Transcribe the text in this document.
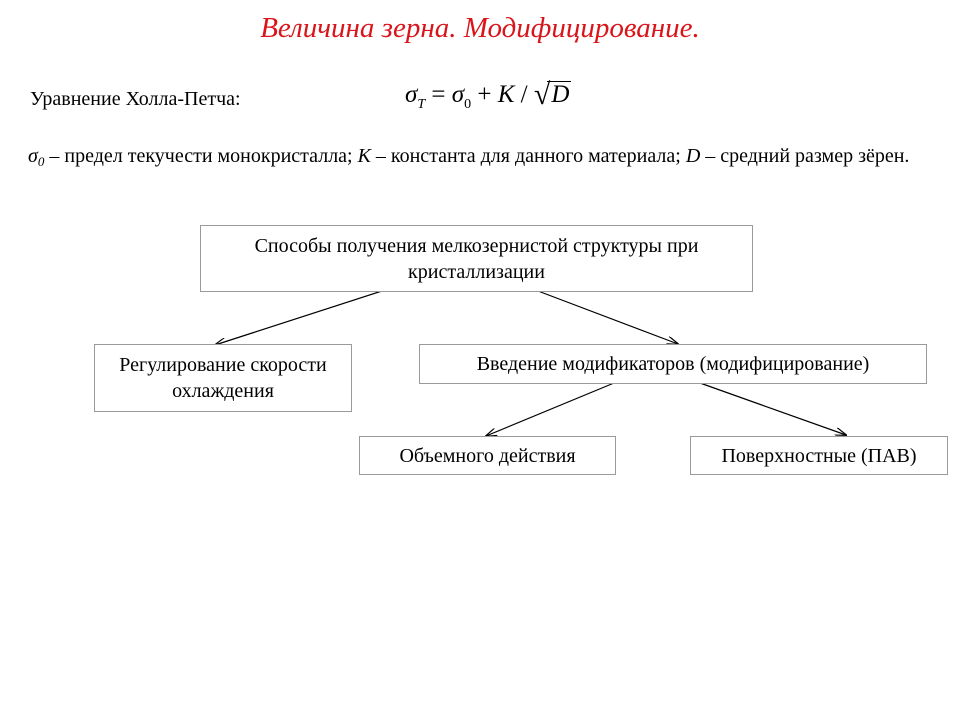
Величина зерна. Модифицирование.
Уравнение Холла-Петча:	$\sigma_T = \sigma_0 + K / √D$
$\sigma_0$ – предел текучести монокристалла; К – константа для данного материала; D – средний размер зёрен.
Способы получения мелкозернистой структуры при кристаллизации
Регулирование скорости охлаждения
Введение модификаторов (модифицирование)
Объемного действия	Поверхностные (ПАВ)
